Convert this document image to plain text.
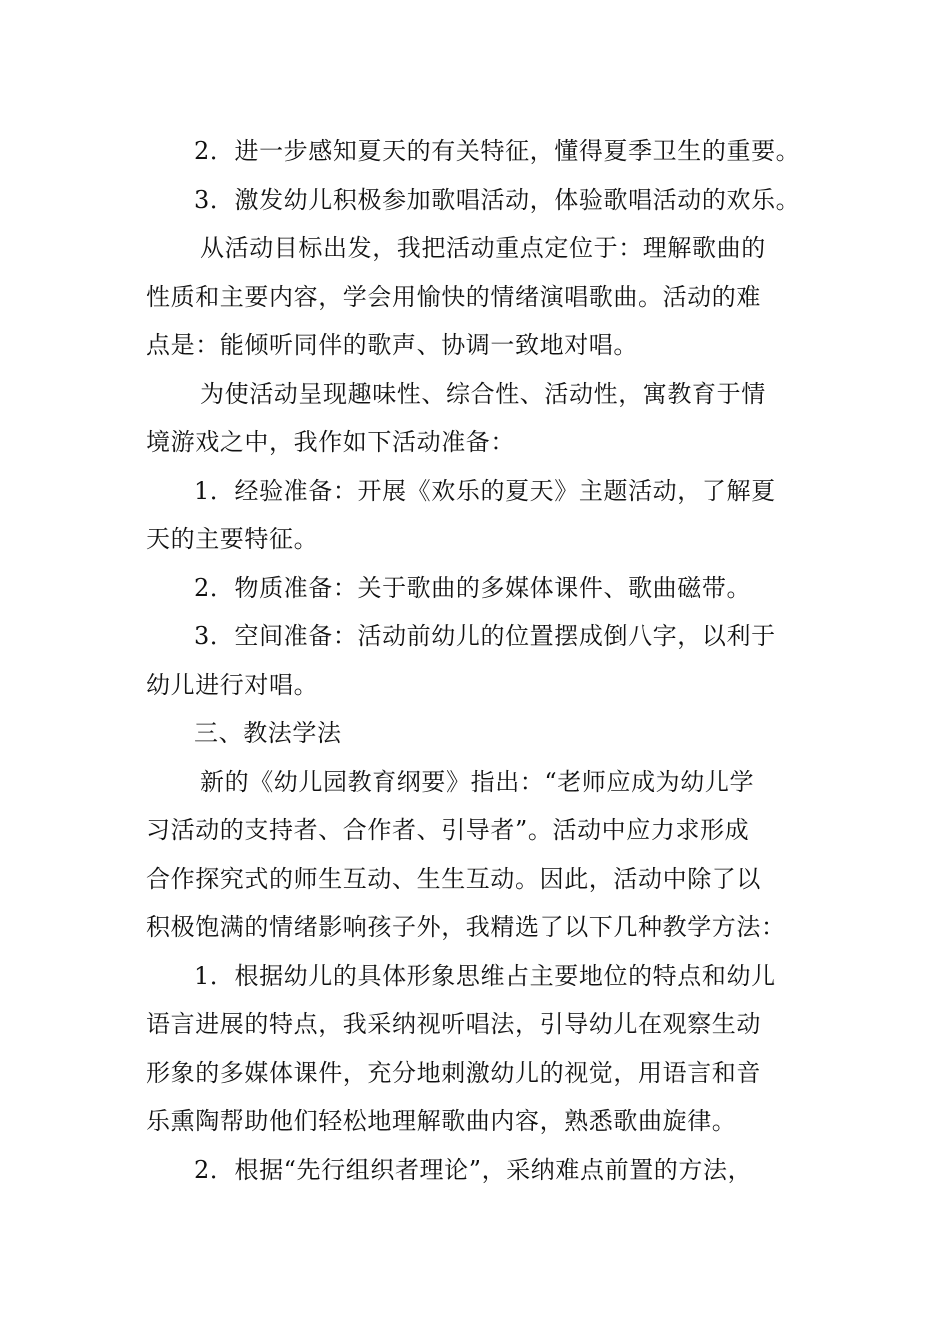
2．进一步感知夏天的有关特征，懂得夏季卫生的重要。
3．激发幼儿积极参加歌唱活动，体验歌唱活动的欢乐。
从活动目标出发，我把活动重点定位于：理解歌曲的
性质和主要内容，学会用愉快的情绪演唱歌曲。活动的难
点是：能倾听同伴的歌声、协调一致地对唱。
为使活动呈现趣味性、综合性、活动性，寓教育于情
境游戏之中，我作如下活动准备：
1．经验准备：开展《欢乐的夏天》主题活动，了解夏
天的主要特征。
2．物质准备：关于歌曲的多媒体课件、歌曲磁带。
3．空间准备：活动前幼儿的位置摆成倒八字，以利于
幼儿进行对唱。
三、教法学法
新的《幼儿园教育纲要》指出：“老师应成为幼儿学
习活动的支持者、合作者、引导者”。活动中应力求形成
合作探究式的师生互动、生生互动。因此，活动中除了以
积极饱满的情绪影响孩子外，我精选了以下几种教学方法：
1．根据幼儿的具体形象思维占主要地位的特点和幼儿
语言进展的特点，我采纳视听唱法，引导幼儿在观察生动
形象的多媒体课件，充分地刺激幼儿的视觉，用语言和音
乐熏陶帮助他们轻松地理解歌曲内容，熟悉歌曲旋律。
2．根据“先行组织者理论”，采纳难点前置的方法，
